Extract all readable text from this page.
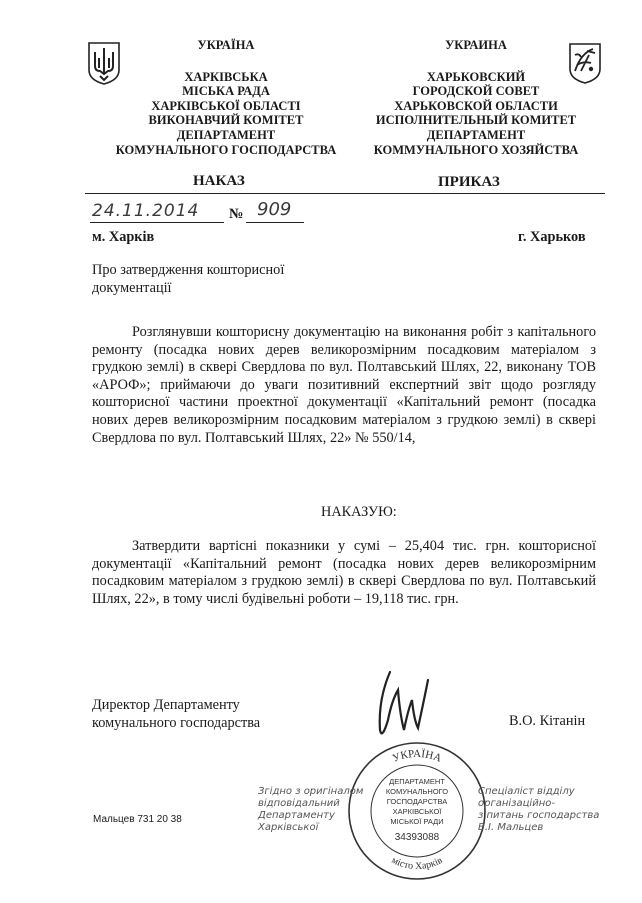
УКРАЇНА
ХАРКІВСЬКА
МІСЬКА РАДА
ХАРКІВСЬКОЇ ОБЛАСТІ
ВИКОНАВЧИЙ КОМІТЕТ
ДЕПАРТАМЕНТ
КОМУНАЛЬНОГО ГОСПОДАРСТВА
УКРАИНА
ХАРЬКОВСКИЙ
ГОРОДСКОЙ СОВЕТ
ХАРЬКОВСКОЙ ОБЛАСТИ
ИСПОЛНИТЕЛЬНЫЙ КОМИТЕТ
ДЕПАРТАМЕНТ
КОММУНАЛЬНОГО ХОЗЯЙСТВА
НАКАЗ	ПРИКАЗ
24.11.2014 № 909
м. Харків	г. Харьков
Про затвердження кошторисної
документації

Розглянувши кошторисну документацію на виконання робіт з капітального ремонту (посадка нових дерев великорозмірним посадковим матеріалом з грудкою землі) в сквері Свердлова по вул. Полтавський Шлях, 22, виконану ТОВ «АРОФ»; приймаючи до уваги позитивний експертний звіт щодо розгляду кошторисної частини проектної документації «Капітальний ремонт (посадка нових дерев великорозмірним посадковим матеріалом з грудкою землі) в сквері Свердлова по вул. Полтавський Шлях, 22» № 550/14,

НАКАЗУЮ:

Затвердити вартісні показники у сумі – 25,404 тис. грн. кошторисної документації «Капітальний ремонт (посадка нових дерев великорозмірним посадковим матеріалом з грудкою землі) в сквері Свердлова по вул. Полтавський Шлях, 22», в тому числі будівельні роботи – 19,118 тис. грн.

Директор Департаменту
комунального господарства	В.О. Кітанін
УКРАЇНА
місто Харків
ДЕПАРТАМЕНТ
КОМУНАЛЬНОГО
ГОСПОДАРСТВА
ХАРКІВСЬКОЇ
МІСЬКОЇ РАДИ
34393088
Згідно з оригіналом
відповідальний
Департаменту
Харківської
Спеціаліст відділу
організаційно-
з питань господарства
В.І. Мальцев
Мальцев 731 20 38
